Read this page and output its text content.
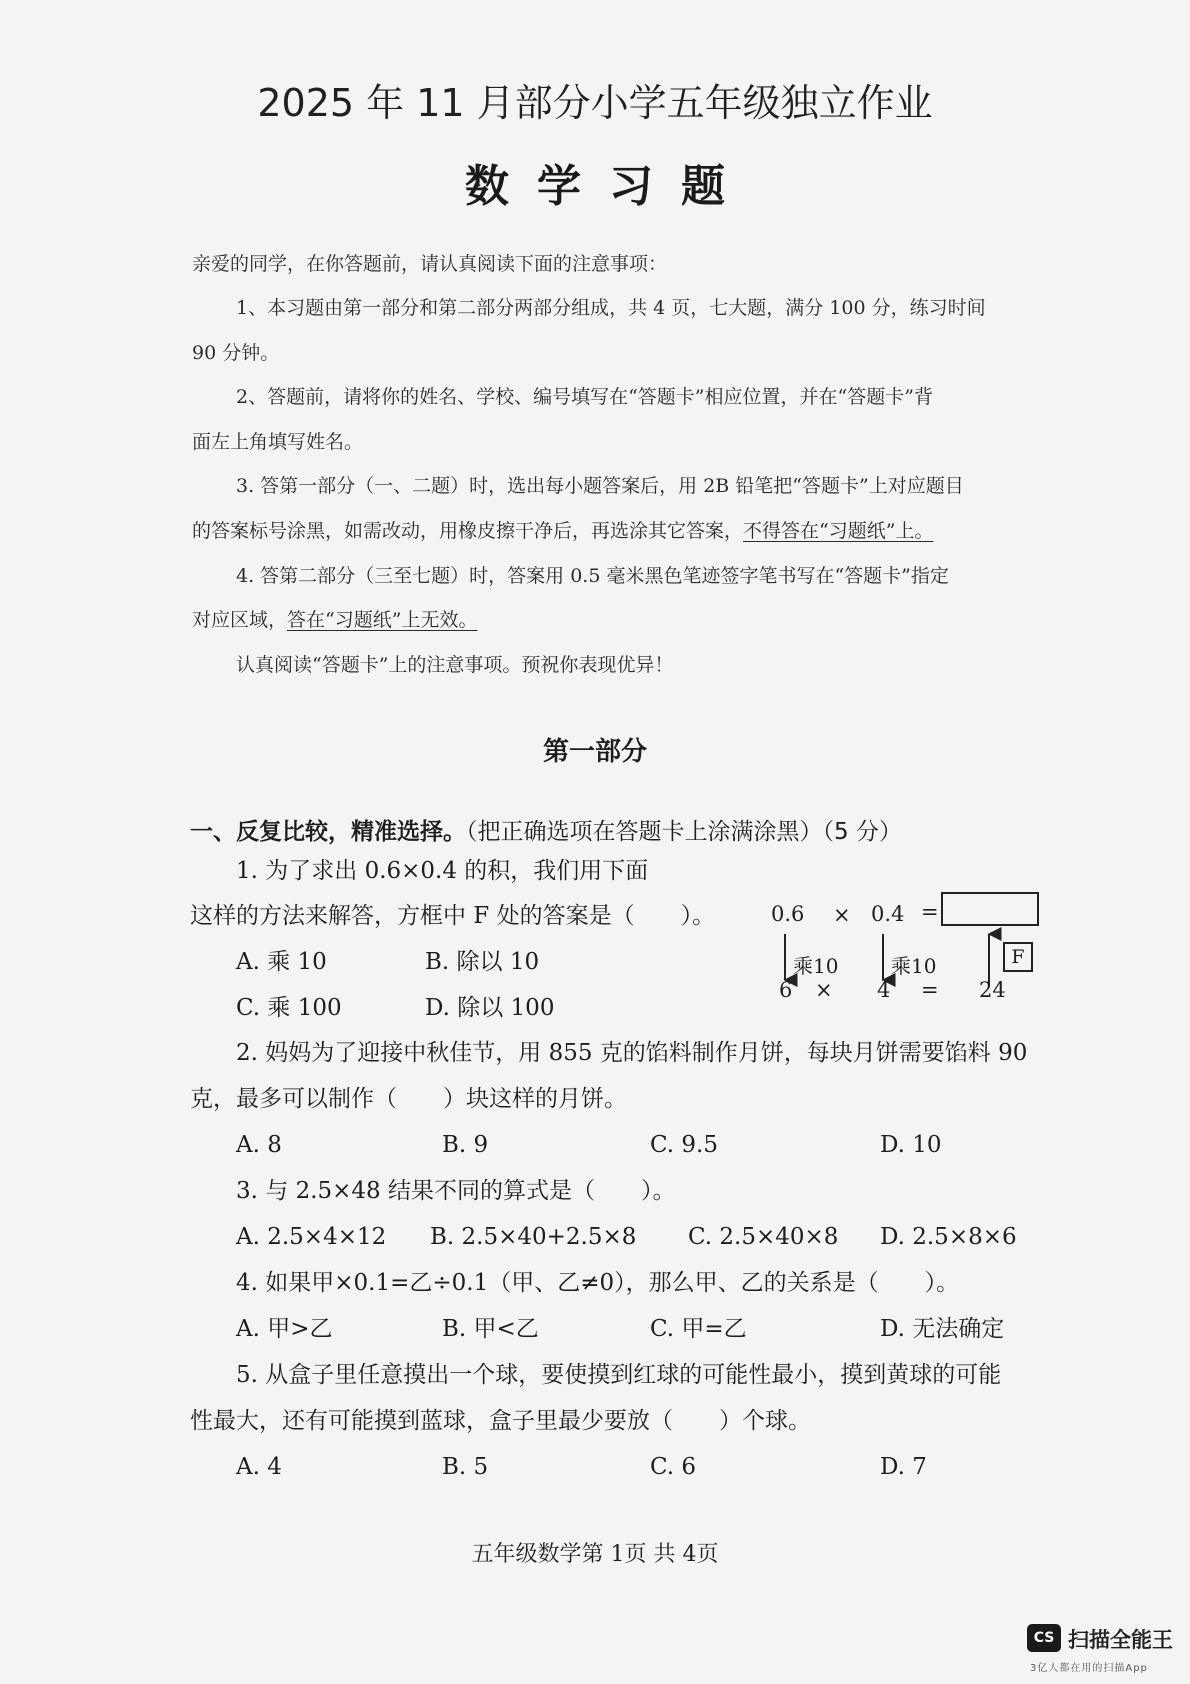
2025 年 11 月部分小学五年级独立作业
数学习题
亲爱的同学，在你答题前，请认真阅读下面的注意事项：
1、本习题由第一部分和第二部分两部分组成，共 4 页，七大题，满分 100 分，练习时间
90 分钟。
2、答题前，请将你的姓名、学校、编号填写在“答题卡”相应位置，并在“答题卡”背
面左上角填写姓名。
3. 答第一部分（一、二题）时，选出每小题答案后，用 2B 铅笔把“答题卡”上对应题目
的答案标号涂黑，如需改动，用橡皮擦干净后，再选涂其它答案，不得答在“习题纸”上。
4. 答第二部分（三至七题）时，答案用 0.5 毫米黑色笔迹签字笔书写在“答题卡”指定
对应区域，答在“习题纸”上无效。
认真阅读“答题卡”上的注意事项。预祝你表现优异！
第一部分
一、反复比较，精准选择。（把正确选项在答题卡上涂满涂黑）（5 分）
1. 为了求出 0.6×0.4 的积，我们用下面
这样的方法来解答，方框中 F 处的答案是（　　）。
A. 乘 10	B. 除以 10
C. 乘 100	D. 除以 100
0.6 × 0.4 =
乘10	乘10	F
6 × 4 = 24
2. 妈妈为了迎接中秋佳节，用 855 克的馅料制作月饼，每块月饼需要馅料 90
克，最多可以制作（　　）块这样的月饼。
A. 8	B. 9	C. 9.5	D. 10
3. 与 2.5×48 结果不同的算式是（　　）。
A. 2.5×4×12 B. 2.5×40+2.5×8 C. 2.5×40×8 D. 2.5×8×6
4. 如果甲×0.1=乙÷0.1（甲、乙≠0），那么甲、乙的关系是（　　）。
A. 甲>乙	B. 甲<乙	C. 甲=乙	D. 无法确定
5. 从盒子里任意摸出一个球，要使摸到红球的可能性最小，摸到黄球的可能
性最大，还有可能摸到蓝球，盒子里最少要放（　　）个球。
A. 4	B. 5	C. 6	D. 7
五年级数学第 1页 共 4页
CS 扫描全能王
3亿人都在用的扫描App
